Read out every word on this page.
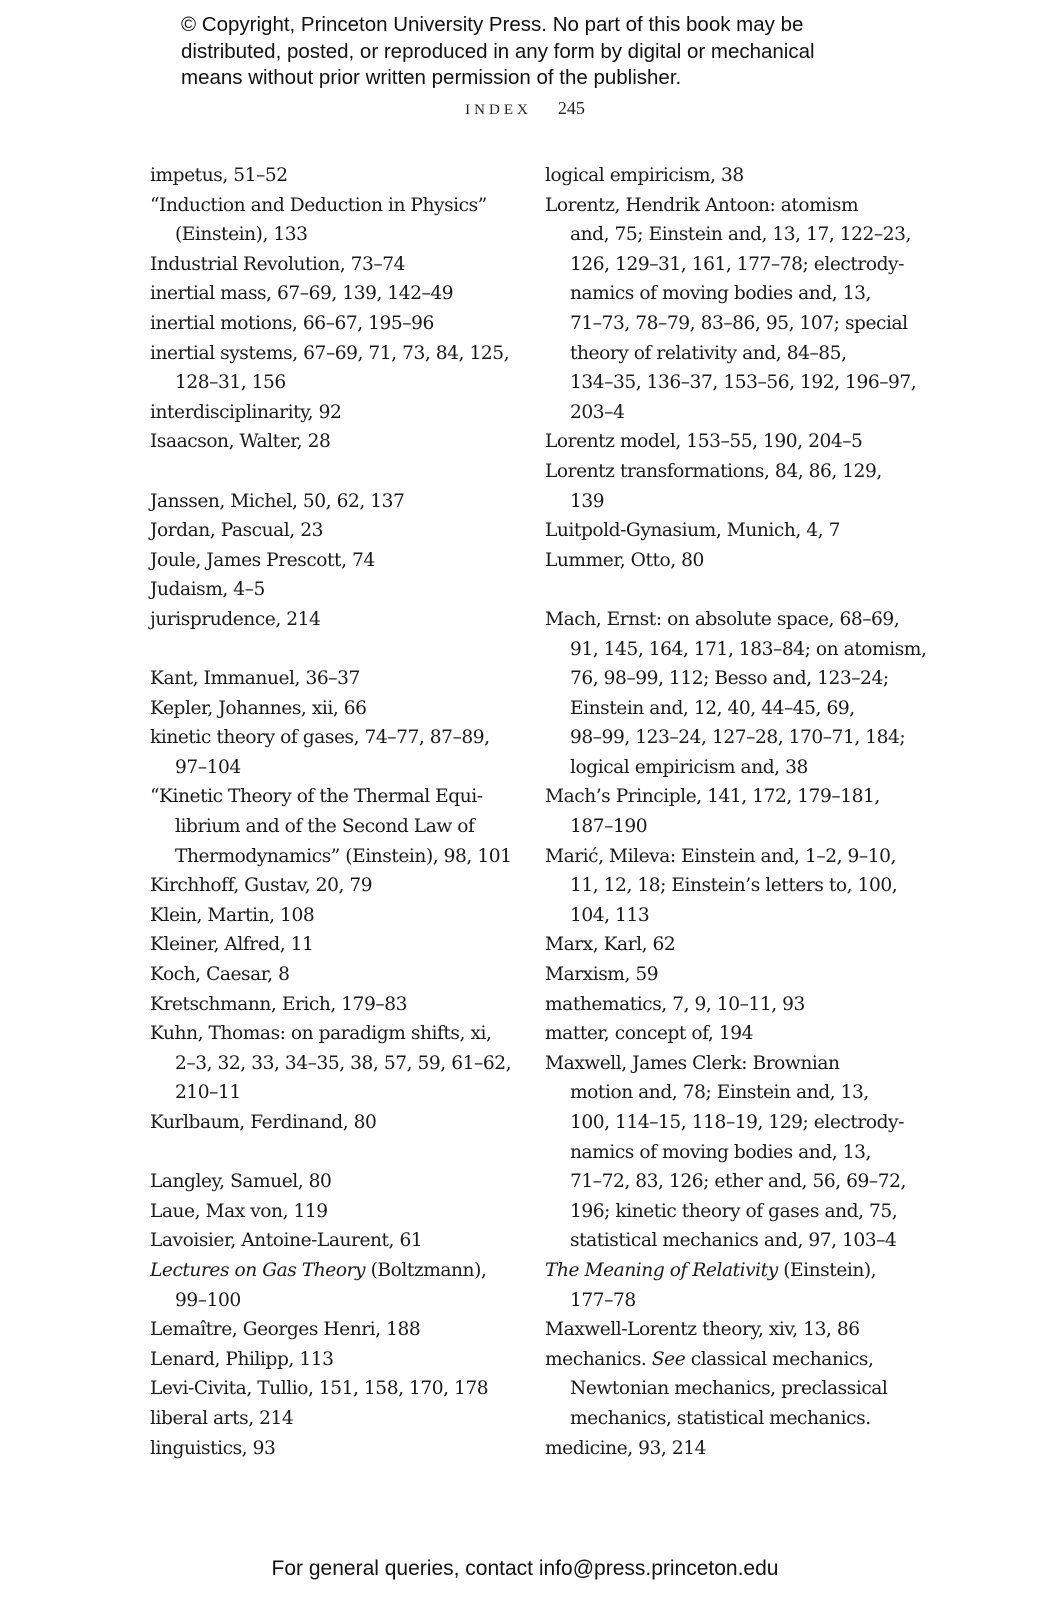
© Copyright, Princeton University Press. No part of this book may be
distributed, posted, or reproduced in any form by digital or mechanical
means without prior written permission of the publisher.
INDEX 245
impetus, 51–52
“Induction and Deduction in Physics”
(Einstein), 133
Industrial Revolution, 73–74
inertial mass, 67–69, 139, 142–49
inertial motions, 66–67, 195–96
inertial systems, 67–69, 71, 73, 84, 125,
128–31, 156
interdisciplinarity, 92
Isaacson, Walter, 28
Janssen, Michel, 50, 62, 137
Jordan, Pascual, 23
Joule, James Prescott, 74
Judaism, 4–5
jurisprudence, 214
Kant, Immanuel, 36–37
Kepler, Johannes, xii, 66
kinetic theory of gases, 74–77, 87–89,
97–104
“Kinetic Theory of the Thermal Equi-
librium and of the Second Law of
Thermodynamics” (Einstein), 98, 101
Kirchhoff, Gustav, 20, 79
Klein, Martin, 108
Kleiner, Alfred, 11
Koch, Caesar, 8
Kretschmann, Erich, 179–83
Kuhn, Thomas: on paradigm shifts, xi,
2–3, 32, 33, 34–35, 38, 57, 59, 61–62,
210–11
Kurlbaum, Ferdinand, 80
Langley, Samuel, 80
Laue, Max von, 119
Lavoisier, Antoine-Laurent, 61
Lectures on Gas Theory (Boltzmann),
99–100
Lemaître, Georges Henri, 188
Lenard, Philipp, 113
Levi-Civita, Tullio, 151, 158, 170, 178
liberal arts, 214
linguistics, 93
logical empiricism, 38
Lorentz, Hendrik Antoon: atomism
and, 75; Einstein and, 13, 17, 122–23,
126, 129–31, 161, 177–78; electrody-
namics of moving bodies and, 13,
71–73, 78–79, 83–86, 95, 107; special
theory of relativity and, 84–85,
134–35, 136–37, 153–56, 192, 196–97,
203–4
Lorentz model, 153–55, 190, 204–5
Lorentz transformations, 84, 86, 129,
139
Luitpold-Gynasium, Munich, 4, 7
Lummer, Otto, 80
Mach, Ernst: on absolute space, 68–69,
91, 145, 164, 171, 183–84; on atomism,
76, 98–99, 112; Besso and, 123–24;
Einstein and, 12, 40, 44–45, 69,
98–99, 123–24, 127–28, 170–71, 184;
logical empiricism and, 38
Mach’s Principle, 141, 172, 179–181,
187–190
Marić, Mileva: Einstein and, 1–2, 9–10,
11, 12, 18; Einstein’s letters to, 100,
104, 113
Marx, Karl, 62
Marxism, 59
mathematics, 7, 9, 10–11, 93
matter, concept of, 194
Maxwell, James Clerk: Brownian
motion and, 78; Einstein and, 13,
100, 114–15, 118–19, 129; electrody-
namics of moving bodies and, 13,
71–72, 83, 126; ether and, 56, 69–72,
196; kinetic theory of gases and, 75,
statistical mechanics and, 97, 103–4
The Meaning of Relativity (Einstein),
177–78
Maxwell-Lorentz theory, xiv, 13, 86
mechanics. See classical mechanics,
Newtonian mechanics, preclassical
mechanics, statistical mechanics.
medicine, 93, 214
For general queries, contact info@press.princeton.edu
